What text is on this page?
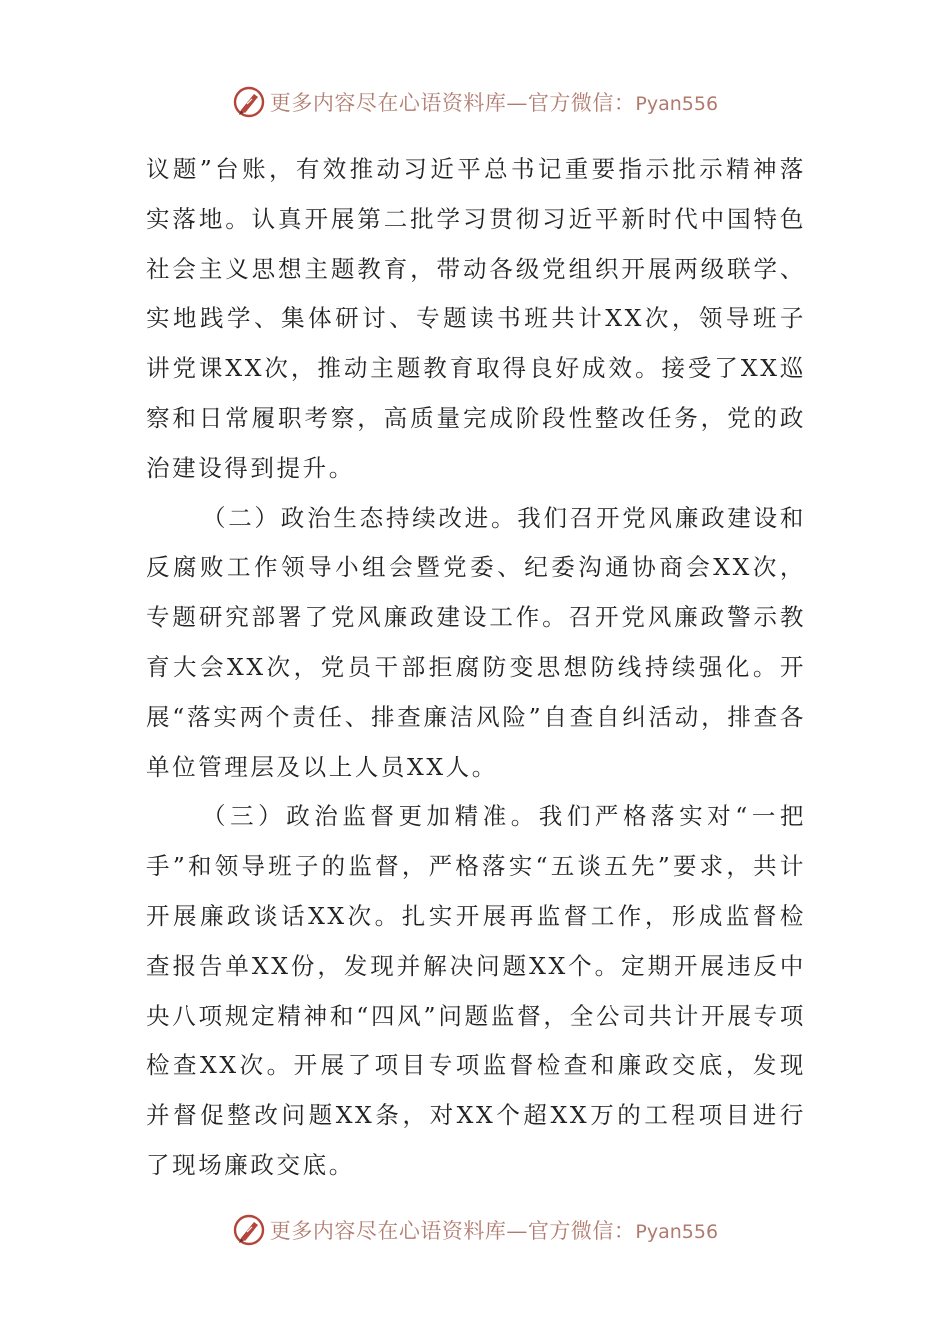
更多内容尽在心语资料库—官方微信：Pyan556

议题”台账，有效推动习近平总书记重要指示批示精神落实落地。认真开展第二批学习贯彻习近平新时代中国特色社会主义思想主题教育，带动各级党组织开展两级联学、实地践学、集体研讨、专题读书班共计XX次，领导班子讲党课XX次，推动主题教育取得良好成效。接受了XX巡察和日常履职考察，高质量完成阶段性整改任务，党的政治建设得到提升。

（二）政治生态持续改进。我们召开党风廉政建设和反腐败工作领导小组会暨党委、纪委沟通协商会XX次，专题研究部署了党风廉政建设工作。召开党风廉政警示教育大会XX次，党员干部拒腐防变思想防线持续强化。开展“落实两个责任、排查廉洁风险”自查自纠活动，排查各单位管理层及以上人员XX人。

（三）政治监督更加精准。我们严格落实对“一把手”和领导班子的监督，严格落实“五谈五先”要求，共计开展廉政谈话XX次。扎实开展再监督工作，形成监督检查报告单XX份，发现并解决问题XX个。定期开展违反中央八项规定精神和“四风”问题监督，全公司共计开展专项检查XX次。开展了项目专项监督检查和廉政交底，发现并督促整改问题XX条，对XX个超XX万的工程项目进行了现场廉政交底。

更多内容尽在心语资料库—官方微信：Pyan556
